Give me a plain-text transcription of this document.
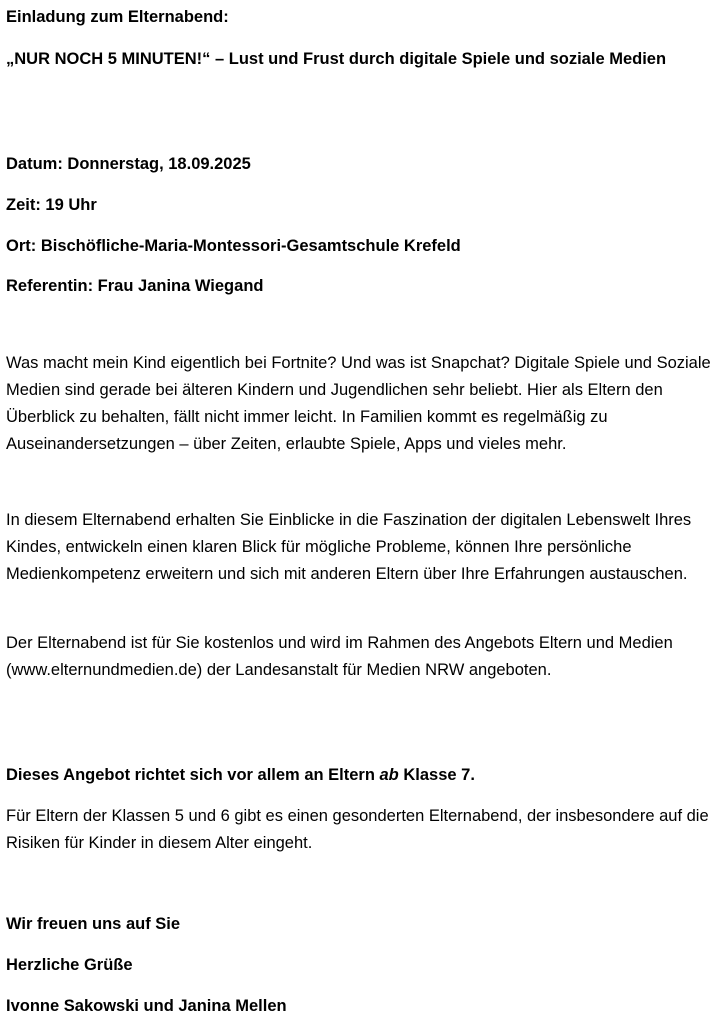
Einladung zum Elternabend:

„NUR NOCH 5 MINUTEN!“ – Lust und Frust durch digitale Spiele und soziale Medien

Datum: Donnerstag, 18.09.2025

Zeit: 19 Uhr

Ort: Bischöfliche-Maria-Montessori-Gesamtschule Krefeld

Referentin: Frau Janina Wiegand

Was macht mein Kind eigentlich bei Fortnite? Und was ist Snapchat? Digitale Spiele und Soziale Medien sind gerade bei älteren Kindern und Jugendlichen sehr beliebt. Hier als Eltern den Überblick zu behalten, fällt nicht immer leicht. In Familien kommt es regelmäßig zu Auseinandersetzungen – über Zeiten, erlaubte Spiele, Apps und vieles mehr.

In diesem Elternabend erhalten Sie Einblicke in die Faszination der digitalen Lebenswelt Ihres Kindes, entwickeln einen klaren Blick für mögliche Probleme, können Ihre persönliche Medienkompetenz erweitern und sich mit anderen Eltern über Ihre Erfahrungen austauschen.

Der Elternabend ist für Sie kostenlos und wird im Rahmen des Angebots Eltern und Medien (www.elternundmedien.de) der Landesanstalt für Medien NRW angeboten.

Dieses Angebot richtet sich vor allem an Eltern ab Klasse 7.

Für Eltern der Klassen 5 und 6 gibt es einen gesonderten Elternabend, der insbesondere auf die Risiken für Kinder in diesem Alter eingeht.

Wir freuen uns auf Sie

Herzliche Grüße

Ivonne Sakowski und Janina Mellen
